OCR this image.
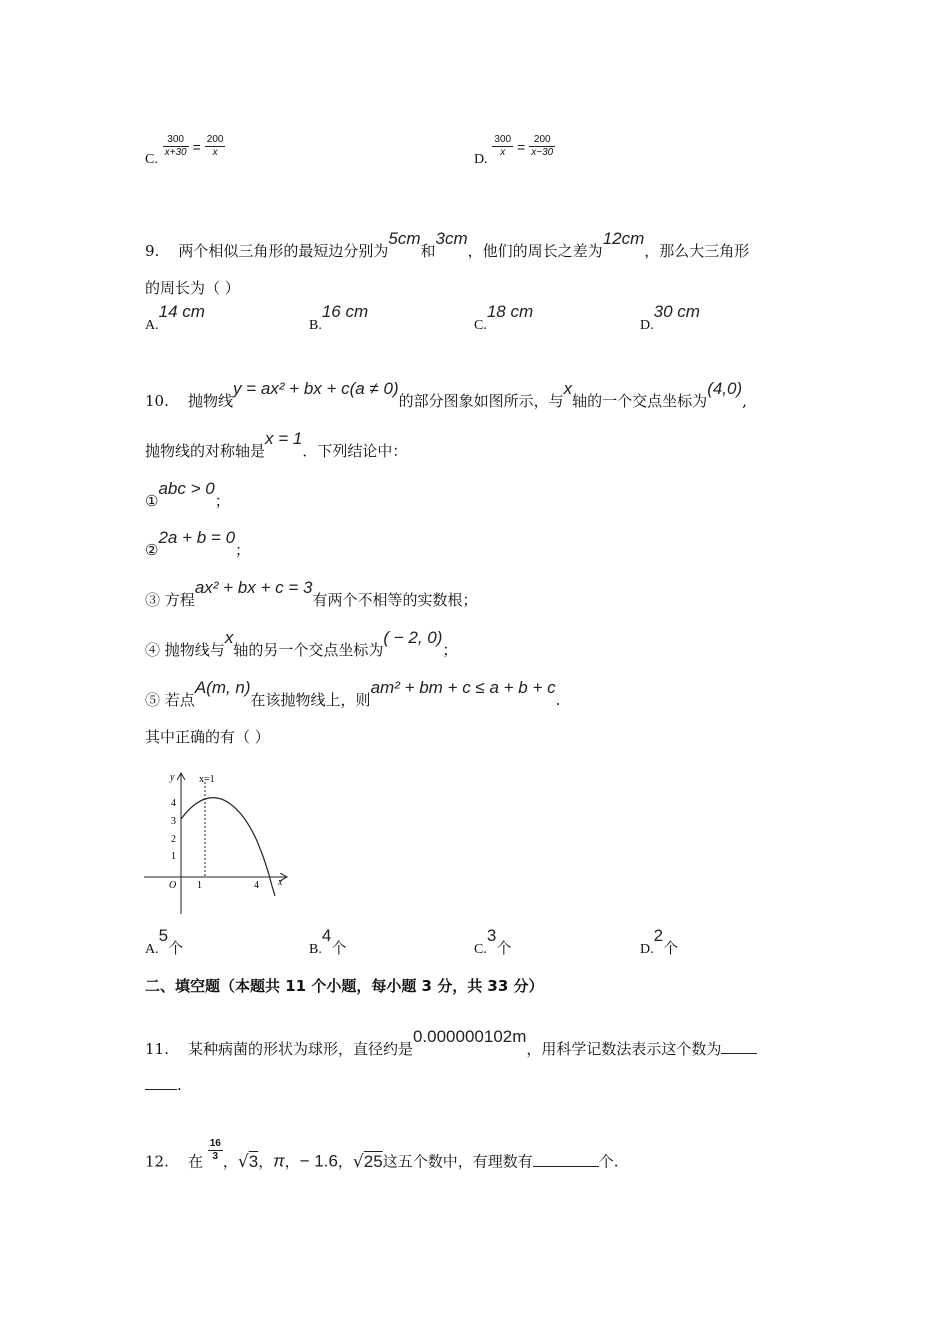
C. $\frac{300}{x+30} = \frac{200}{x}$	D. $\frac{300}{x} = \frac{200}{x-30}$
9. 两个相似三角形的最短边分别为5cm和3cm，他们的周长之差为12cm，那么大三角形
的周长为（ ）
A.14 cm
B.16 cm
C.18 cm
D.30 cm
10. 抛物线y = ax² + bx + c(a ≠ 0)的部分图象如图所示，与x轴的一个交点坐标为(4,0),
抛物线的对称轴是x = 1．下列结论中：
①abc > 0；
②2a + b = 0；
③ 方程ax² + bx + c = 3有两个不相等的实数根；
④ 抛物线与x轴的另一个交点坐标为( − 2, 0)；
⑤ 若点A(m, n)在该抛物线上，则am² + bm + c ≤ a + b + c.
其中正确的有（ ）
y
x
x=1
O
4
3
2
1
1	4
A.5个	B.4个	C.3个	D.2个
二、填空题（本题共 11 个小题，每小题 3 分，共 33 分）
11. 某种病菌的形状为球形，直径约是0.000000102m，用科学记数法表示这个数为
.
12. 在 $\frac{16}{3}$ ，√3，π，− 1.6，√25这五个数中，有理数有	个.
